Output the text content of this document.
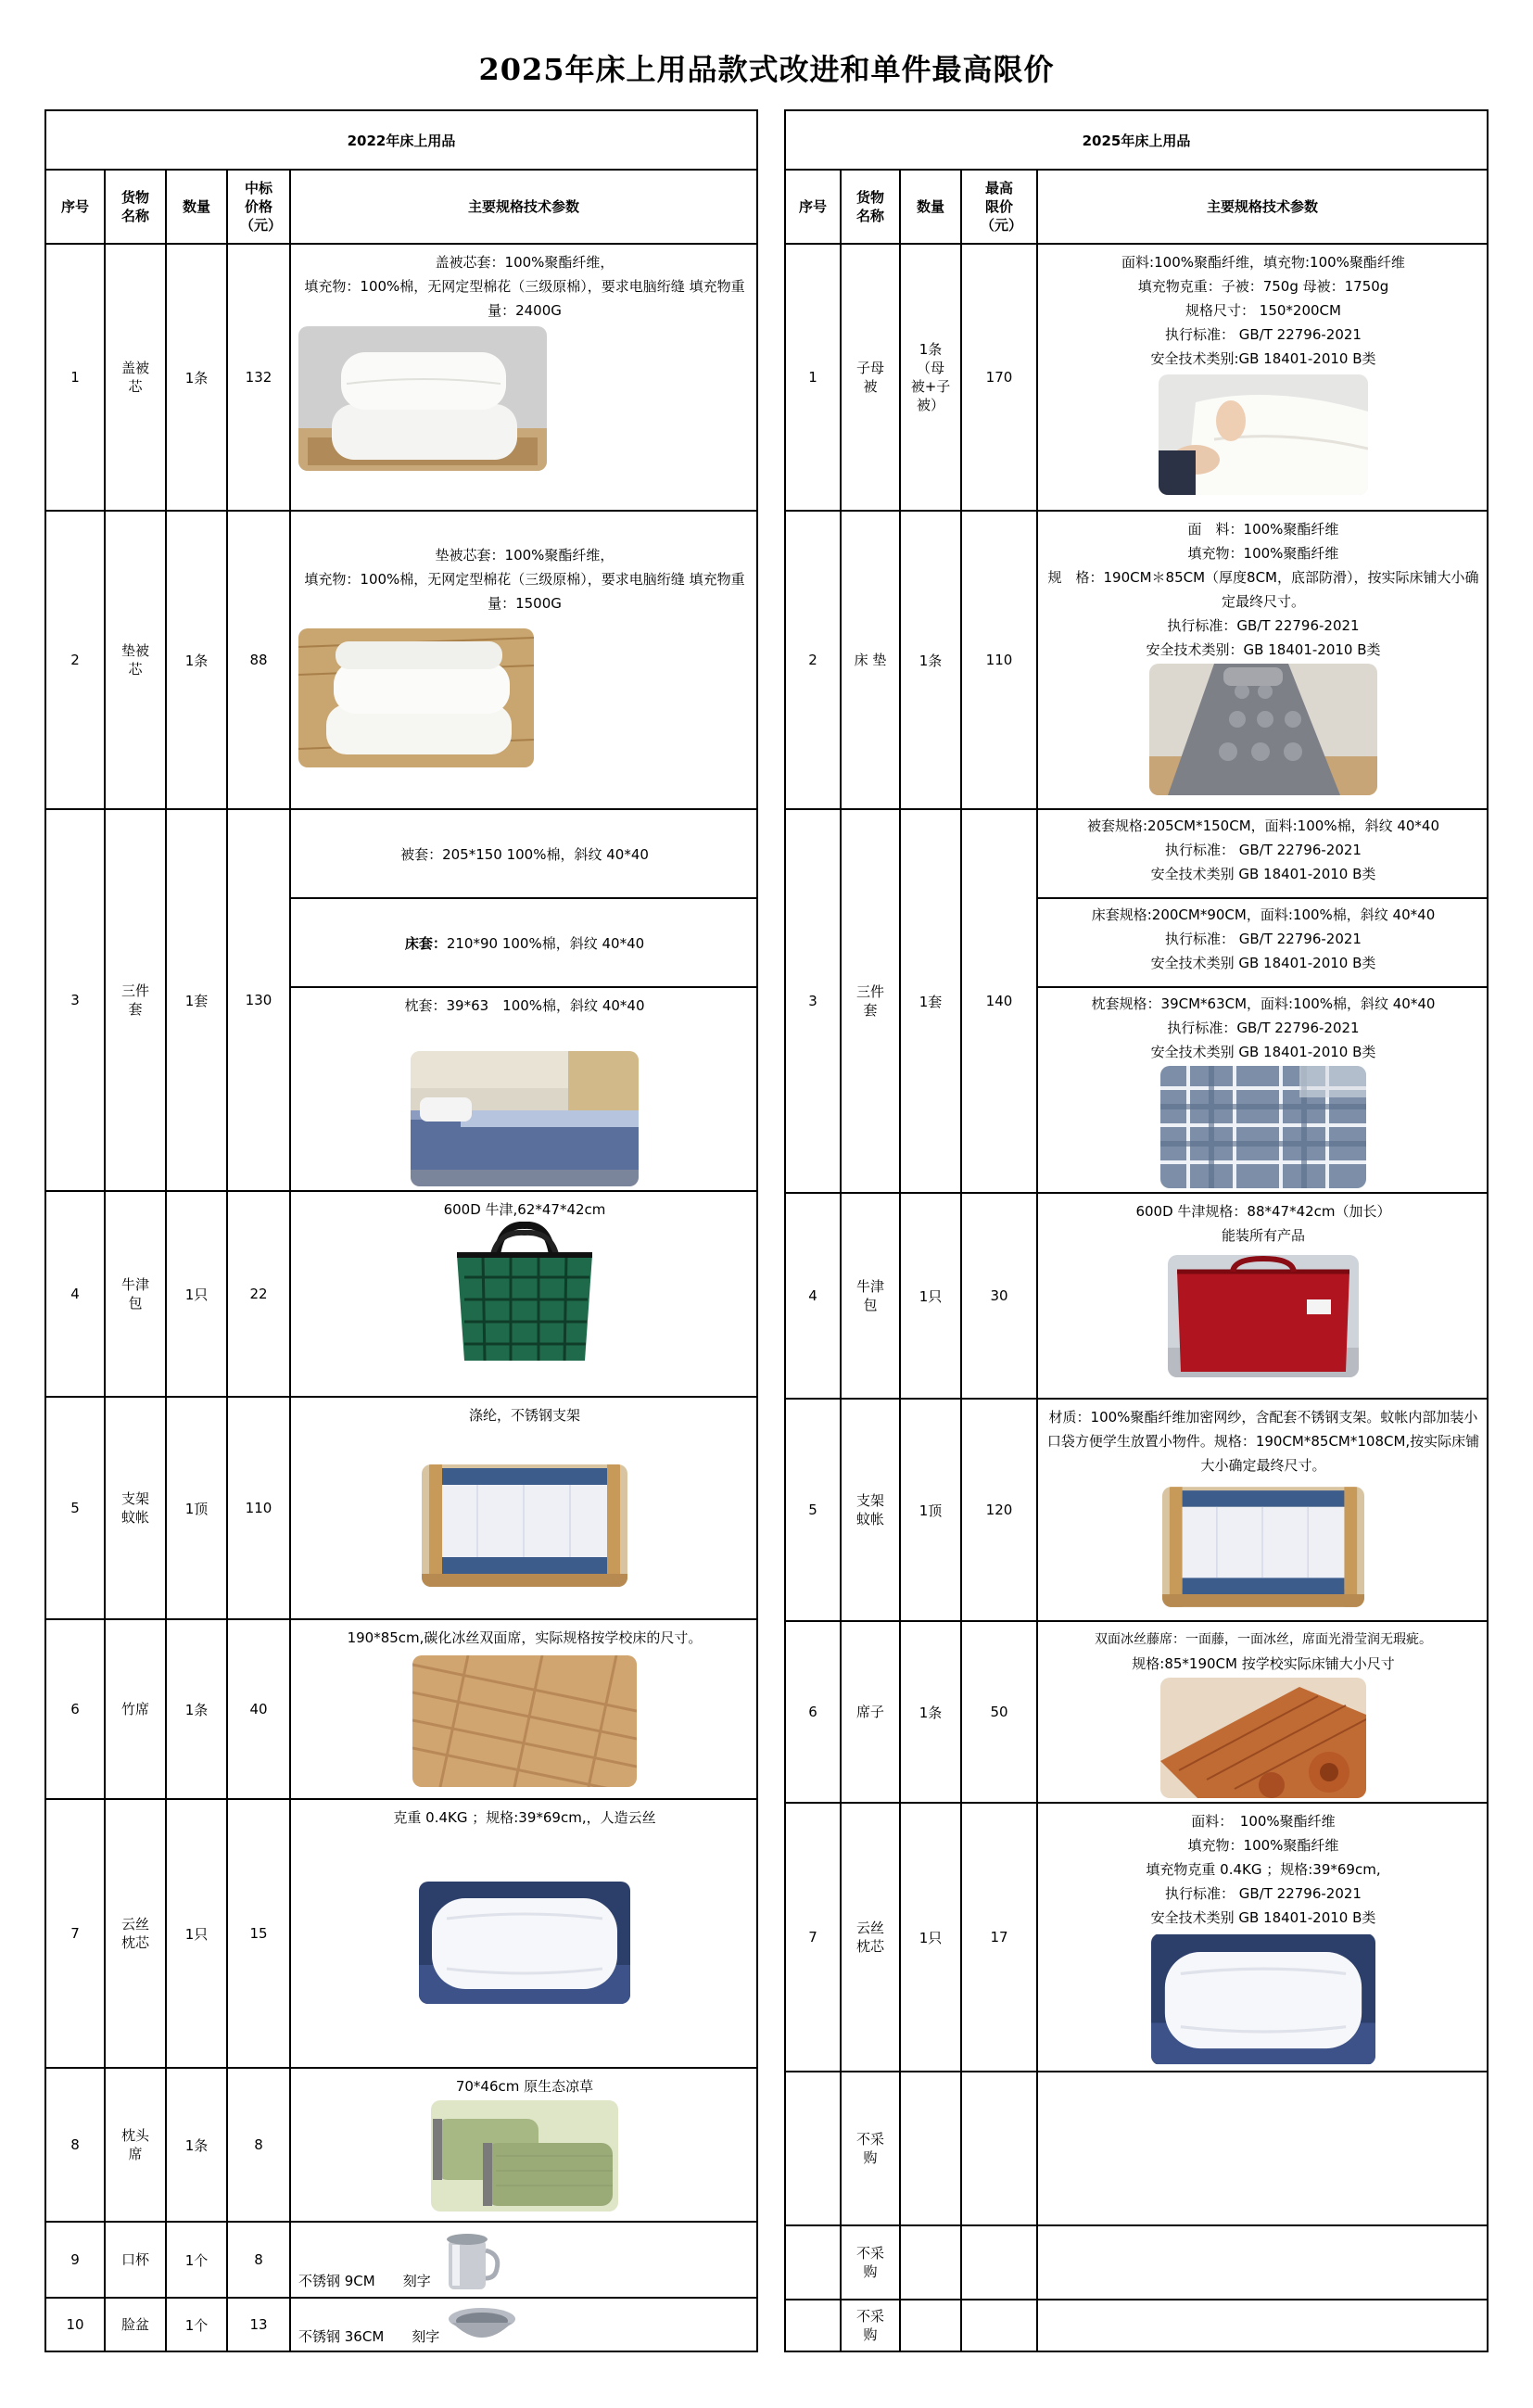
2025年床上用品款式改进和单件最高限价
2022年床上用品				
序号	货物名称	数量	中标价格（元）	主要规格技术参数
1	盖被芯	1条	132	盖被芯套：100%聚酯纤维，
填充物：100%棉，无网定型棉花（三级原棉），要求电脑绗缝 填充物重量：2400G

2	垫被芯	1条	88	垫被芯套：100%聚酯纤维，
填充物：100%棉，无网定型棉花（三级原棉），要求电脑绗缝 填充物重量：1500G

3	三件套	1套	130	被套：205*150 100%棉，斜纹 40*40
				床套：210*90 100%棉，斜纹 40*40

				枕套：39*63　100%棉，斜纹 40*40

4	牛津包	1只	22	600D 牛津,62*47*42cm

5	支架蚊帐	1顶	110	涤纶，不锈钢支架

6	竹席	1条	40	190*85cm,碳化冰丝双面席，实际规格按学校床的尺寸。

7	云丝枕芯	1只	15	克重 0.4KG ；规格:39*69cm,，人造云丝

8	枕头席	1条	8	70*46cm 原生态凉草

9	口杯	1个	8	不锈钢 9CM　　刻字

10	脸盆	1个	13	不锈钢 36CM　　刻字
2025年床上用品				
序号	货物名称	数量	最高限价（元）	主要规格技术参数
1	子母被	1条（母被+子被）	170	面料:100%聚酯纤维，填充物:100%聚酯纤维
填充物克重：子被：750g 母被：1750g
规格尺寸： 150*200CM
执行标准： GB/T 22796-2021
安全技术类别:GB 18401-2010 B类

2	床 垫	1条	110	面　料：100%聚酯纤维
填充物：100%聚酯纤维
规　格：190CM＊85CM（厚度8CM，底部防滑），按实际床铺大小确定最终尺寸。
执行标准：GB/T 22796-2021
安全技术类别：GB 18401-2010 B类

3	三件套	1套	140	被套规格:205CM*150CM，面料:100%棉，斜纹 40*40
执行标准： GB/T 22796-2021
安全技术类别 GB 18401-2010 B类

				床套规格:200CM*90CM，面料:100%棉，斜纹 40*40
执行标准： GB/T 22796-2021
安全技术类别 GB 18401-2010 B类

				枕套规格：39CM*63CM，面料:100%棉，斜纹 40*40
执行标准：GB/T 22796-2021
安全技术类别 GB 18401-2010 B类

4	牛津包	1只	30	600D 牛津规格：88*47*42cm（加长）
能装所有产品

5	支架蚊帐	1顶	120	材质：100%聚酯纤维加密网纱，含配套不锈钢支架。蚊帐内部加装小口袋方便学生放置小物件。规格：190CM*85CM*108CM,按实际床铺大小确定最终尺寸。

6	席子	1条	50	双面冰丝藤席：一面藤，一面冰丝，席面光滑莹润无瑕疵。
规格:85*190CM 按学校实际床铺大小尺寸

7	云丝枕芯	1只	17	面料：　100%聚酯纤维
填充物：100%聚酯纤维
填充物克重 0.4KG ；规格:39*69cm,
执行标准： GB/T 22796-2021
安全技术类别 GB 18401-2010 B类

	不采购			

	不采购			

	不采购			
